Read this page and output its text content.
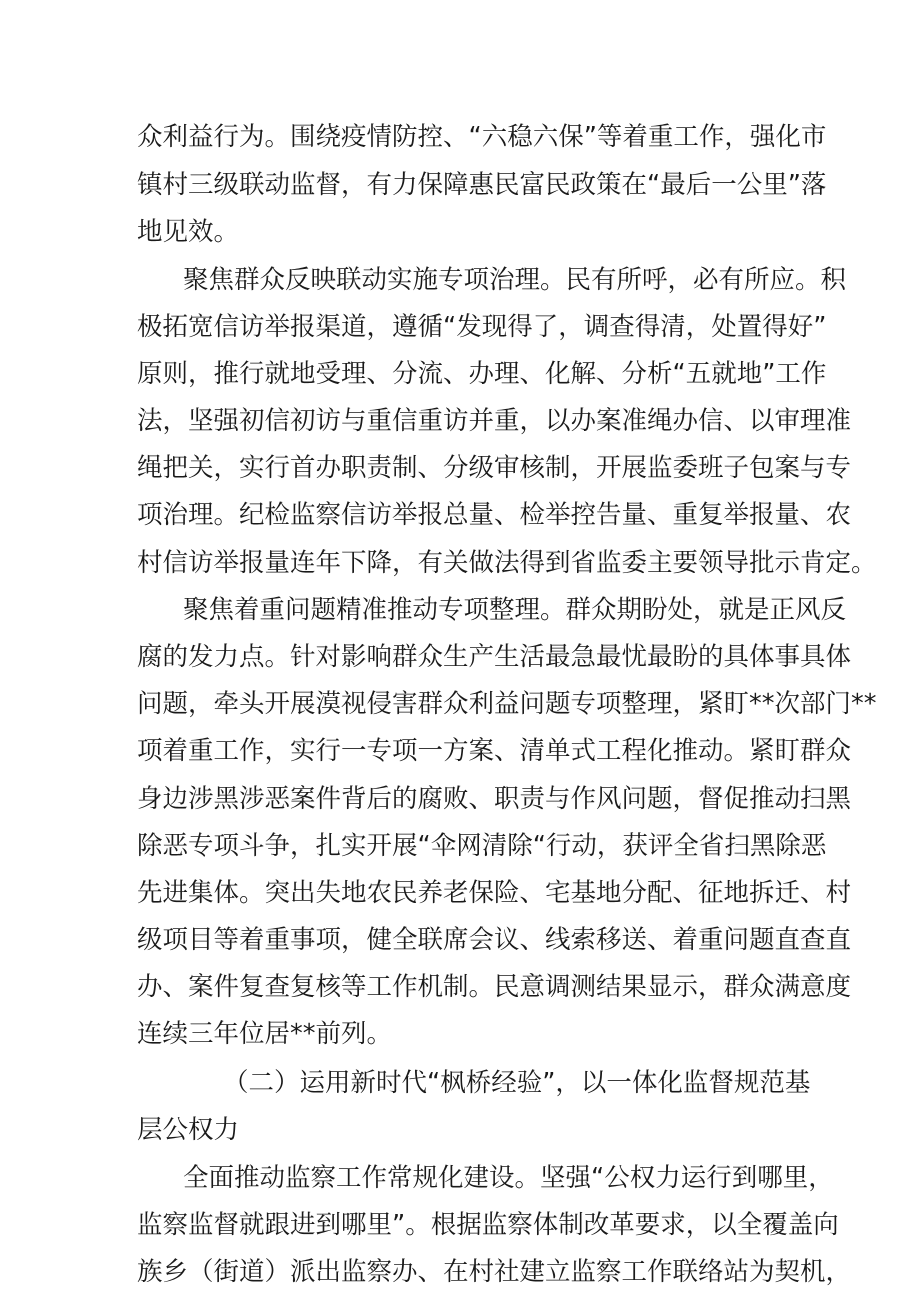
众利益行为。围绕疫情防控、“六稳六保”等着重工作，强化市
镇村三级联动监督，有力保障惠民富民政策在“最后一公里”落
地见效。
聚焦群众反映联动实施专项治理。民有所呼，必有所应。积
极拓宽信访举报渠道，遵循“发现得了，调查得清，处置得好”
原则，推行就地受理、分流、办理、化解、分析“五就地”工作
法，坚强初信初访与重信重访并重，以办案准绳办信、以审理准
绳把关，实行首办职责制、分级审核制，开展监委班子包案与专
项治理。纪检监察信访举报总量、检举控告量、重复举报量、农
村信访举报量连年下降，有关做法得到省监委主要领导批示肯定。
聚焦着重问题精准推动专项整理。群众期盼处，就是正风反
腐的发力点。针对影响群众生产生活最急最忧最盼的具体事具体
问题，牵头开展漠视侵害群众利益问题专项整理，紧盯**次部门**
项着重工作，实行一专项一方案、清单式工程化推动。紧盯群众
身边涉黑涉恶案件背后的腐败、职责与作风问题，督促推动扫黑
除恶专项斗争，扎实开展“伞网清除“行动，获评全省扫黑除恶
先进集体。突出失地农民养老保险、宅基地分配、征地拆迁、村
级项目等着重事项，健全联席会议、线索移送、着重问题直查直
办、案件复查复核等工作机制。民意调测结果显示，群众满意度
连续三年位居**前列。
（二）运用新时代“枫桥经验”，以一体化监督规范基
层公权力
全面推动监察工作常规化建设。坚强“公权力运行到哪里，
监察监督就跟进到哪里”。根据监察体制改革要求，以全覆盖向
族乡（街道）派出监察办、在村社建立监察工作联络站为契机，
